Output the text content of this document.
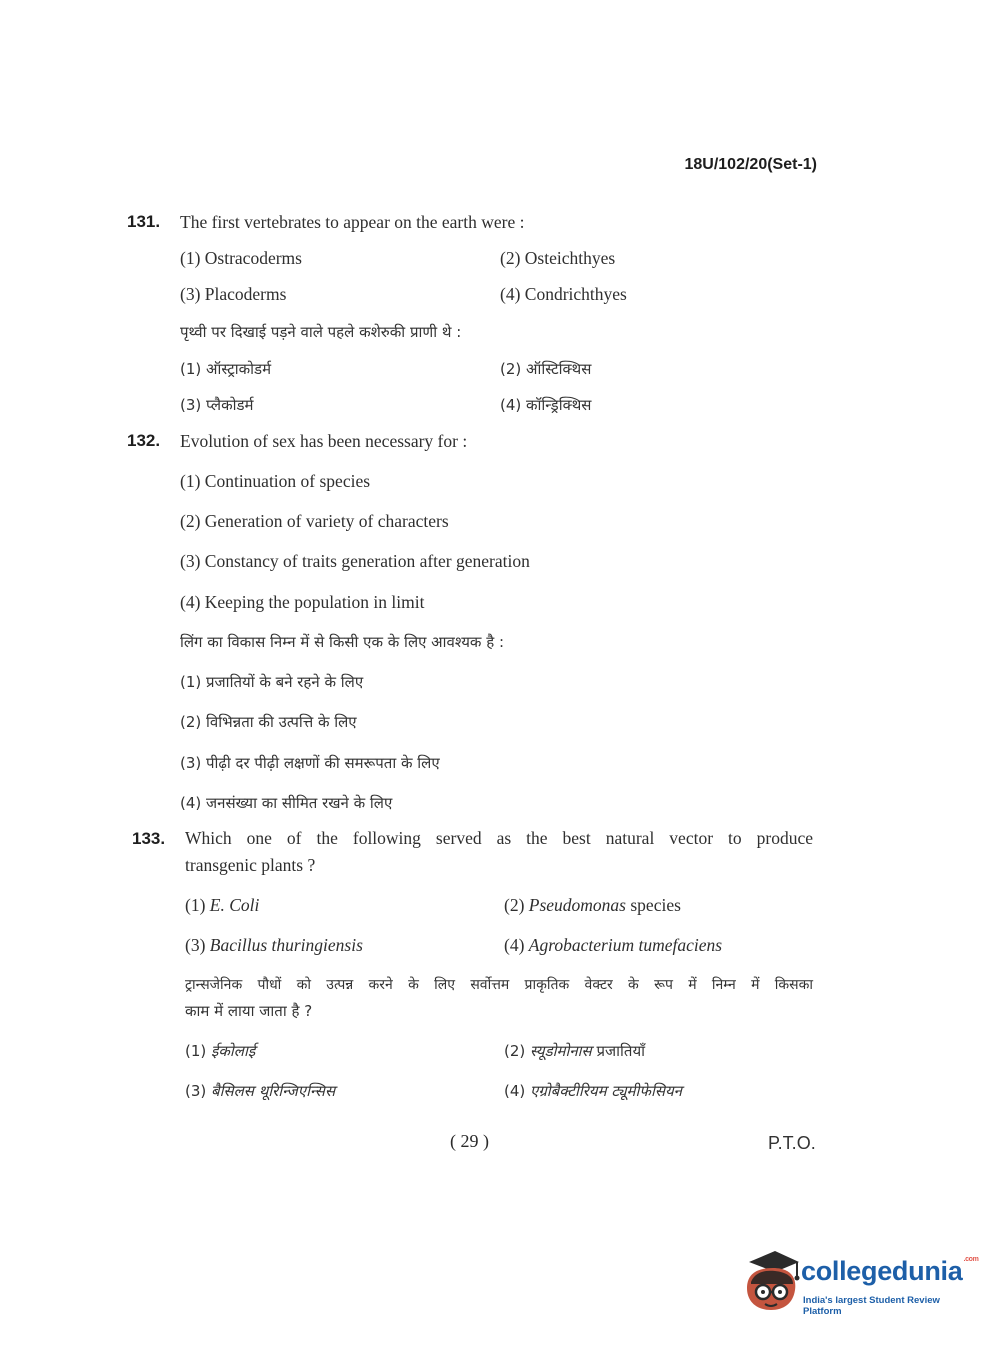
18U/102/20(Set-1)
131. The first vertebrates to appear on the earth were :
(1) Ostracoderms	(2) Osteichthyes
(3) Placoderms	(4) Condrichthyes
पृथ्वी पर दिखाई पड़ने वाले पहले कशेरुकी प्राणी थे :
(1) ऑस्ट्राकोडर्म	(2) ऑस्टिक्थिस
(3) प्लैकोडर्म	(4) कॉन्ड्रिक्थिस
132. Evolution of sex has been necessary for :
(1) Continuation of species
(2) Generation of variety of characters
(3) Constancy of traits generation after generation
(4) Keeping the population in limit
लिंग का विकास निम्न में से किसी एक के लिए आवश्यक है :
(1) प्रजातियों के बने रहने के लिए
(2) विभिन्नता की उत्पत्ति के लिए
(3) पीढ़ी दर पीढ़ी लक्षणों की समरूपता के लिए
(4) जनसंख्या का सीमित रखने के लिए
133. Which one of the following served as the best natural vector to produce
transgenic plants ?
(1) E. Coli	(2) Pseudomonas species
(3) Bacillus thuringiensis	(4) Agrobacterium tumefaciens
ट्रान्सजेनिक पौधों को उत्पन्न करने के लिए सर्वोत्तम प्राकृतिक वेक्टर के रूप में निम्न में किसका
काम में लाया जाता है ?
(1) ईकोलाई	(2) स्यूडोमोनास प्रजातियाँ
(3) बैसिलस थूरिन्जिएन्सिस	(4) एग्रोबैक्टीरियम ट्यूमीफेसियन
( 29 )	P.T.O.
collegedunia$^{.com}$
India's largest Student Review Platform
